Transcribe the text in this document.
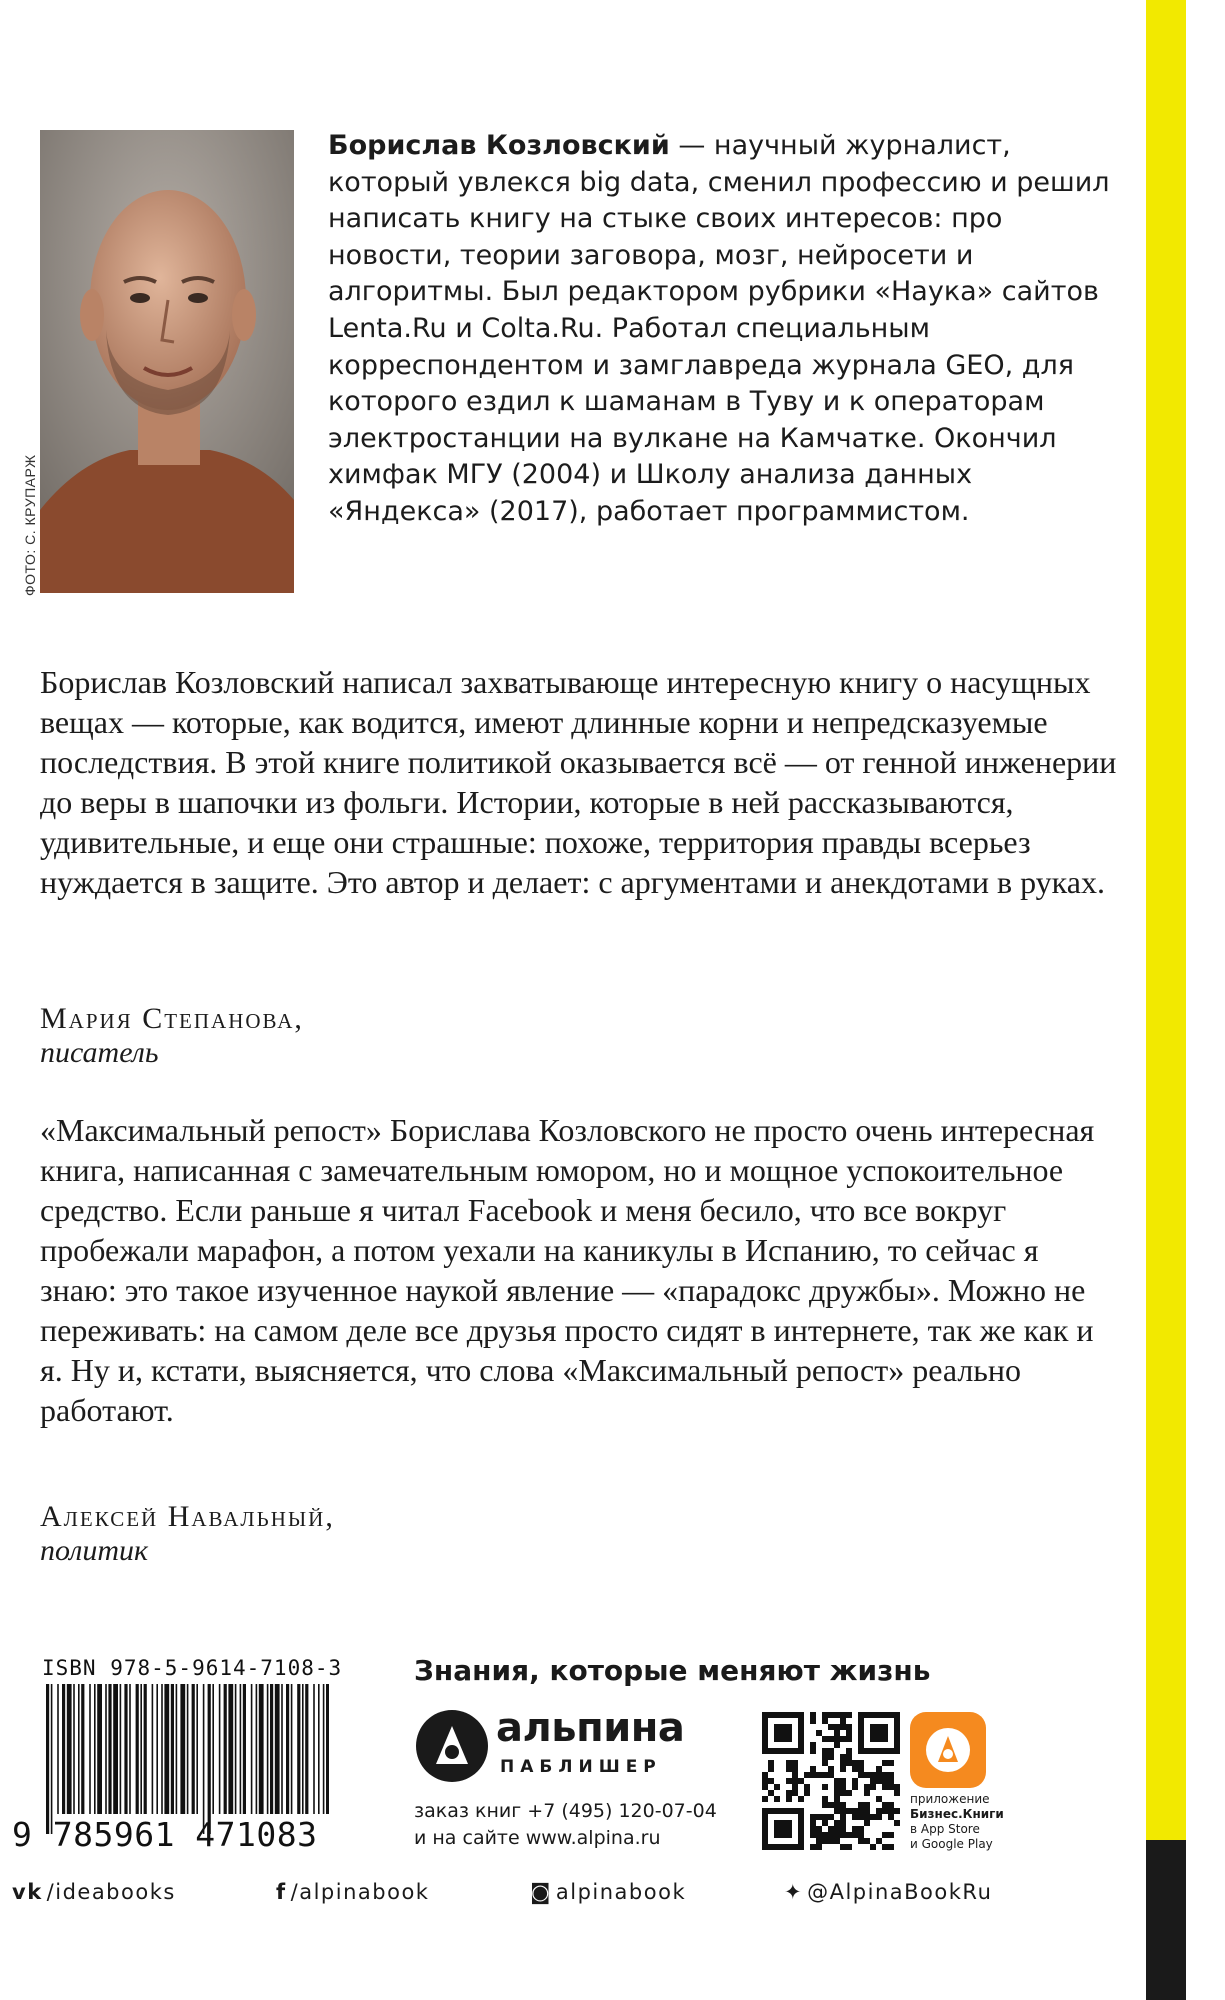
ФОТО: С. КРУПАРЖ
Борислав Козловский — научный журналист, который увлекся big data, сменил профессию и решил написать книгу на стыке своих интересов: про новости, теории заговора, мозг, нейросети и алгоритмы. Был редактором рубрики «Наука» сайтов Lenta.Ru и Colta.Ru. Работал специальным корреспондентом и замглавреда журнала GEO, для которого ездил к шаманам в Туву и к операторам электростанции на вулкане на Камчатке. Окончил химфак МГУ (2004) и Школу анализа данных «Яндекса» (2017), работает программистом.
Борислав Козловский написал захватывающе интересную книгу о насущных вещах — которые, как водится, имеют длинные корни и непредсказуемые последствия. В этой книге политикой оказывается всё — от генной инженерии до веры в шапочки из фольги. Истории, которые в ней рассказываются, удивительные, и еще они страшные: похоже, территория правды всерьез нуждается в защите. Это автор и делает: с аргументами и анекдотами в руках.
Мария Степанова,
писатель
«Максимальный репост» Борислава Козловского не просто очень интересная книга, написанная с замечательным юмором, но и мощное успокоительное средство. Если раньше я читал Facebook и меня бесило, что все вокруг пробежали марафон, а потом уехали на каникулы в Испанию, то сейчас я знаю: это такое изученное наукой явление — «парадокс дружбы». Можно не переживать: на самом деле все друзья просто сидят в интернете, так же как и я. Ну и, кстати, выясняется, что слова «Максимальный репост» реально работают.
Алексей Навальный,
политик
ISBN 978-5-9614-7108-3
9 785961 471083
Знания, которые меняют жизнь
альпина
ПАБЛИШЕР
заказ книг +7 (495) 120-07-04
и на сайте www.alpina.ru
приложение
Бизнес.Книги
в App Store
и Google Play
vk /ideabooks	f /alpinabook	◙ alpinabook	✦ @AlpinaBookRu
